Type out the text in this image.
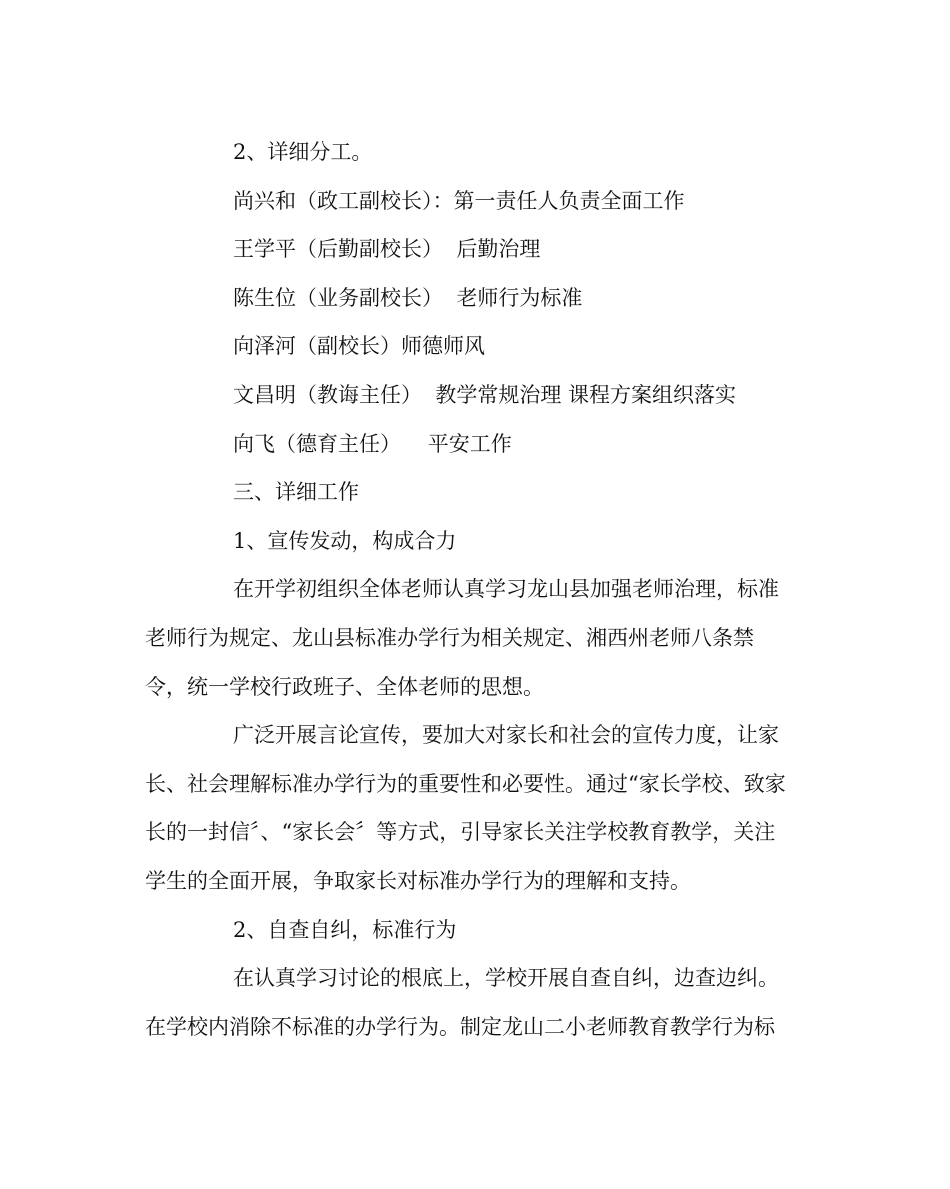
2、详细分工。
尚兴和（政工副校长）：第一责任人负责全面工作
王学平（后勤副校长）  后勤治理
陈生位（业务副校长）  老师行为标准
向泽河（副校长）师德师风
文昌明（教诲主任）  教学常规治理 课程方案组织落实
向飞（德育主任）    平安工作
三、详细工作
1、宣传发动，构成合力
在开学初组织全体老师认真学习龙山县加强老师治理，标准
老师行为规定、龙山县标准办学行为相关规定、湘西州老师八条禁
令，统一学校行政班子、全体老师的思想。
广泛开展言论宣传，要加大对家长和社会的宣传力度，让家
长、社会理解标准办学行为的重要性和必要性。通过“家长学校、致家
长的一封信〞、“家长会〞等方式，引导家长关注学校教育教学，关注
学生的全面开展，争取家长对标准办学行为的理解和支持。
2、自查自纠，标准行为
在认真学习讨论的根底上，学校开展自查自纠，边查边纠。
在学校内消除不标准的办学行为。制定龙山二小老师教育教学行为标
